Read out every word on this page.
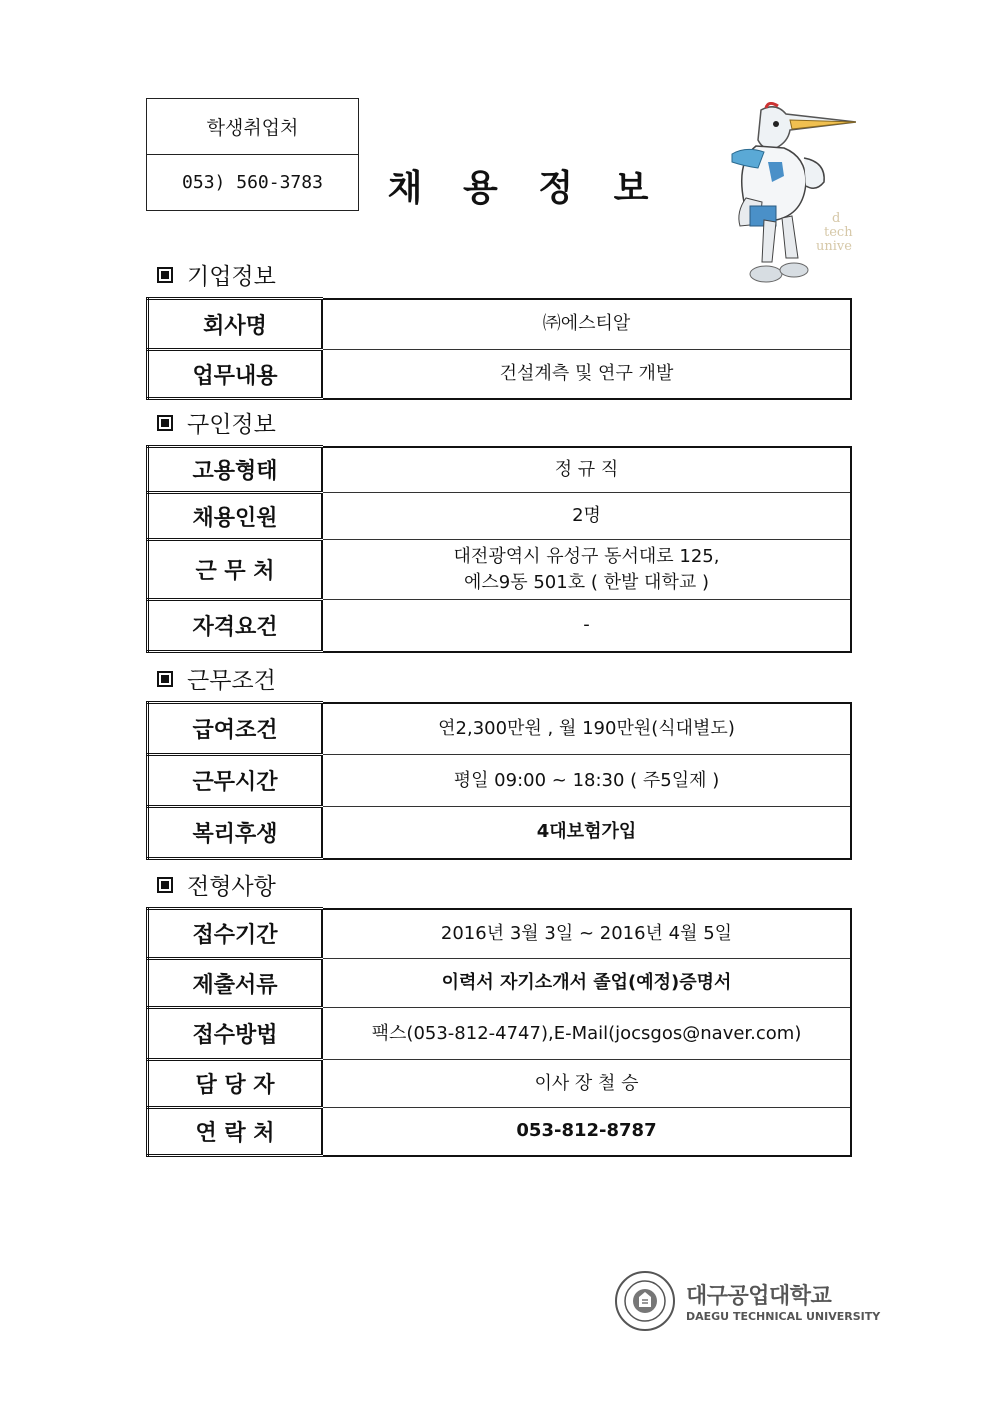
학생취업처
053) 560-3783	채 용 정 보
d
tech
unive
기업정보
회사명	㈜에스티알
업무내용	건설계측 및 연구 개발
구인정보
고용형태	정 규 직
채용인원	2명
근 무 처	대전광역시 유성구 동서대로 125,
에스9동 501호 ( 한발 대학교 )

자격요건	-
근무조건
급여조건	연2,300만원 , 월 190만원(식대별도)
근무시간	평일 09:00 ~ 18:30 ( 주5일제 )
복리후생	4대보험가입
전형사항
접수기간	2016년 3월 3일 ~ 2016년 4월 5일
제출서류	이력서 자기소개서 졸업(예정)증명서
접수방법	팩스(053-812-4747),E-Mail(jocsgos@naver.com)
담 당 자	이사 장 철 승
연 락 처	053-812-8787
대구공업대학교
DAEGU TECHNICAL UNIVERSITY
